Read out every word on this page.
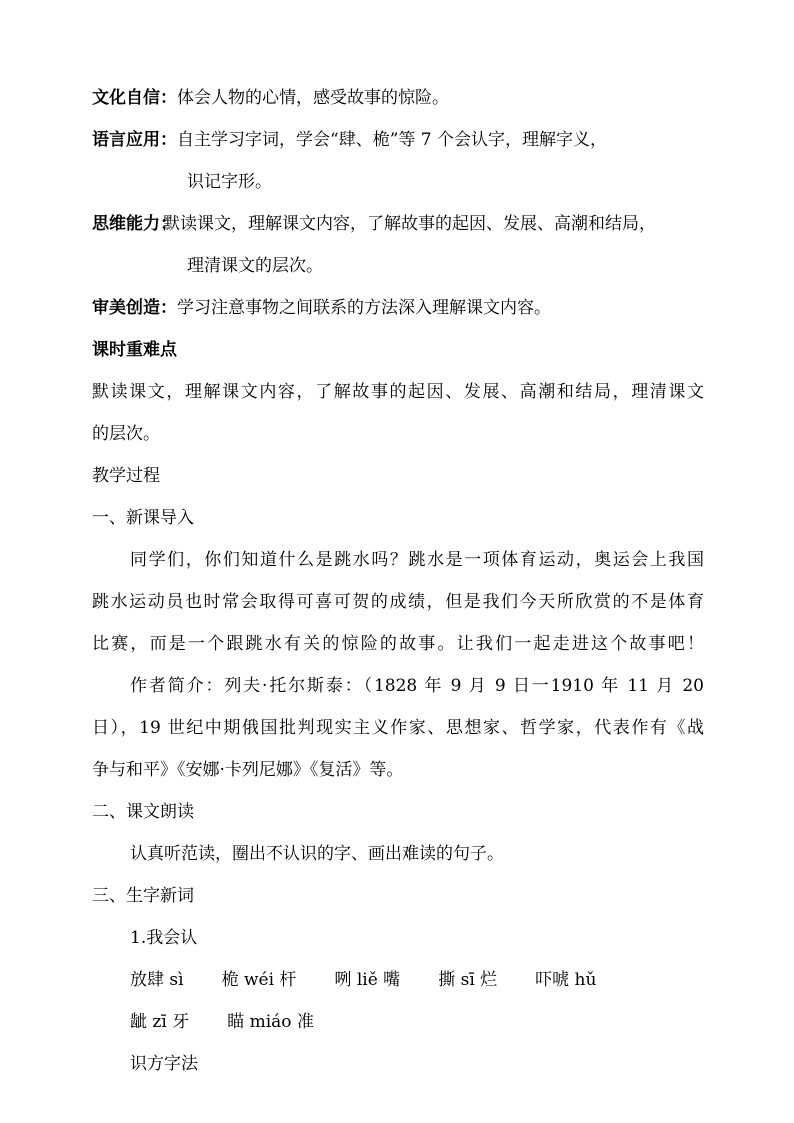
文化自信：体会人物的心情，感受故事的惊险。
语言应用：自主学习字词，学会“肆、桅”等 7 个会认字，理解字义，
识记字形。
思维能力：默读课文，理解课文内容，了解故事的起因、发展、高潮和结局，
理清课文的层次。
审美创造：学习注意事物之间联系的方法深入理解课文内容。
课时重难点
默读课文，理解课文内容，了解故事的起因、发展、高潮和结局，理清课文
的层次。
教学过程
一、新课导入
同学们，你们知道什么是跳水吗？跳水是一项体育运动，奥运会上我国
跳水运动员也时常会取得可喜可贺的成绩，但是我们今天所欣赏的不是体育
比赛，而是一个跟跳水有关的惊险的故事。让我们一起走进这个故事吧！
作者简介：列夫·托尔斯泰：（1828 年 9 月 9 日一1910 年 11 月 20
日），19 世纪中期俄国批判现实主义作家、思想家、哲学家，代表作有《战
争与和平》《安娜·卡列尼娜》《复活》等。
二、课文朗读
认真听范读，圈出不认识的字、画出难读的句子。
三、生字新词
1.我会认
放肆 sì 桅 wéi 杆 咧 liě 嘴 撕 sī 烂 吓唬 hǔ
龇 zī 牙 瞄 miáo 准
识方字法
